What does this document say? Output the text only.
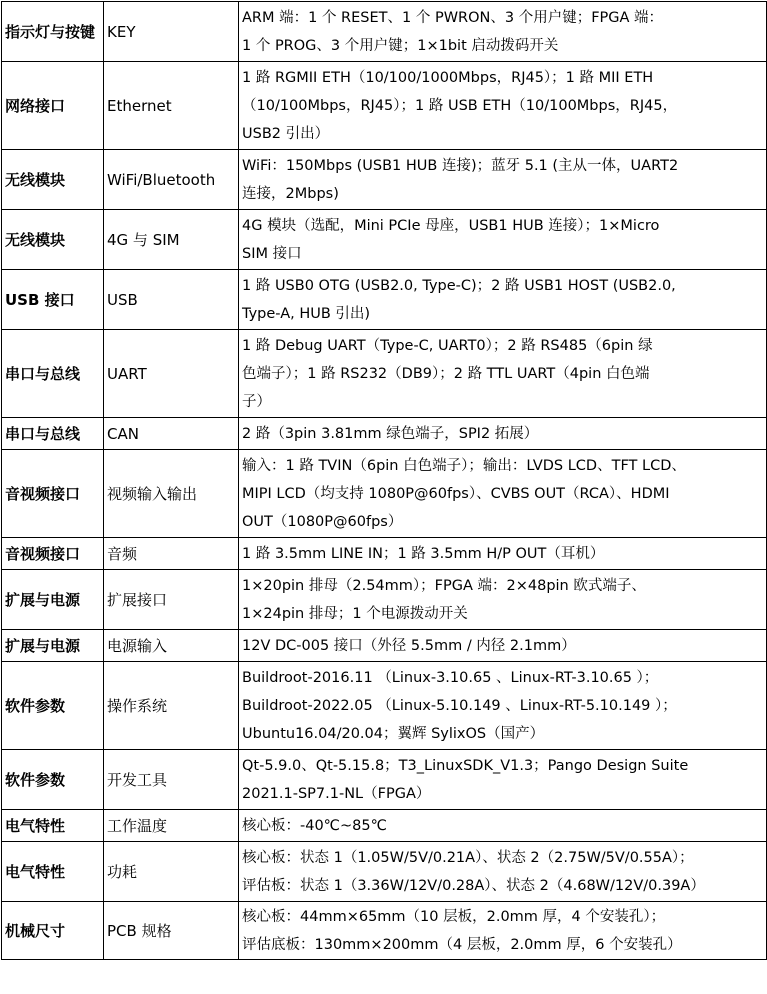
指示灯与按键	KEY	ARM 端：1 个 RESET、1 个 PWRON、3 个用户键；FPGA 端：
1 个 PROG、3 个用户键；1×1bit 启动拨码开关

网络接口	Ethernet	1 路 RGMII ETH（10/100/1000Mbps，RJ45）；1 路 MII ETH
（10/100Mbps，RJ45）；1 路 USB ETH（10/100Mbps，RJ45，
USB2 引出）

无线模块	WiFi/Bluetooth	WiFi：150Mbps (USB1 HUB 连接)；蓝牙 5.1 (主从一体，UART2
连接，2Mbps)

无线模块	4G 与 SIM	4G 模块（选配，Mini PCIe 母座，USB1 HUB 连接）；1×Micro
SIM 接口

USB 接口	USB	1 路 USB0 OTG (USB2.0, Type-C)；2 路 USB1 HOST (USB2.0,
Type-A, HUB 引出)

串口与总线	UART	1 路 Debug UART（Type-C, UART0）；2 路 RS485（6pin 绿
色端子）；1 路 RS232（DB9）；2 路 TTL UART（4pin 白色端
子）

串口与总线	CAN	2 路（3pin 3.81mm 绿色端子，SPI2 拓展）

音视频接口	视频输入输出	输入：1 路 TVIN（6pin 白色端子）；输出：LVDS LCD、TFT LCD、
MIPI LCD（均支持 1080P@60fps）、CVBS OUT（RCA）、HDMI
OUT（1080P@60fps）

音视频接口	音频	1 路 3.5mm LINE IN；1 路 3.5mm H/P OUT（耳机）

扩展与电源	扩展接口	1×20pin 排母（2.54mm）；FPGA 端：2×48pin 欧式端子、
1×24pin 排母；1 个电源拨动开关

扩展与电源	电源输入	12V DC-005 接口（外径 5.5mm / 内径 2.1mm）

软件参数	操作系统	Buildroot-2016.11 （Linux-3.10.65 、Linux-RT-3.10.65 ）；
Buildroot-2022.05 （Linux-5.10.149 、Linux-RT-5.10.149 ）；
Ubuntu16.04/20.04；翼辉 SylixOS（国产）

软件参数	开发工具	Qt-5.9.0、Qt-5.15.8；T3_LinuxSDK_V1.3；Pango Design Suite
2021.1-SP7.1-NL（FPGA）

电气特性	工作温度	核心板：-40℃~85℃

电气特性	功耗	核心板：状态 1（1.05W/5V/0.21A）、状态 2（2.75W/5V/0.55A）；
评估板：状态 1（3.36W/12V/0.28A）、状态 2（4.68W/12V/0.39A）

机械尺寸	PCB 规格	核心板：44mm×65mm（10 层板，2.0mm 厚，4 个安装孔）；
评估底板：130mm×200mm（4 层板，2.0mm 厚，6 个安装孔）
